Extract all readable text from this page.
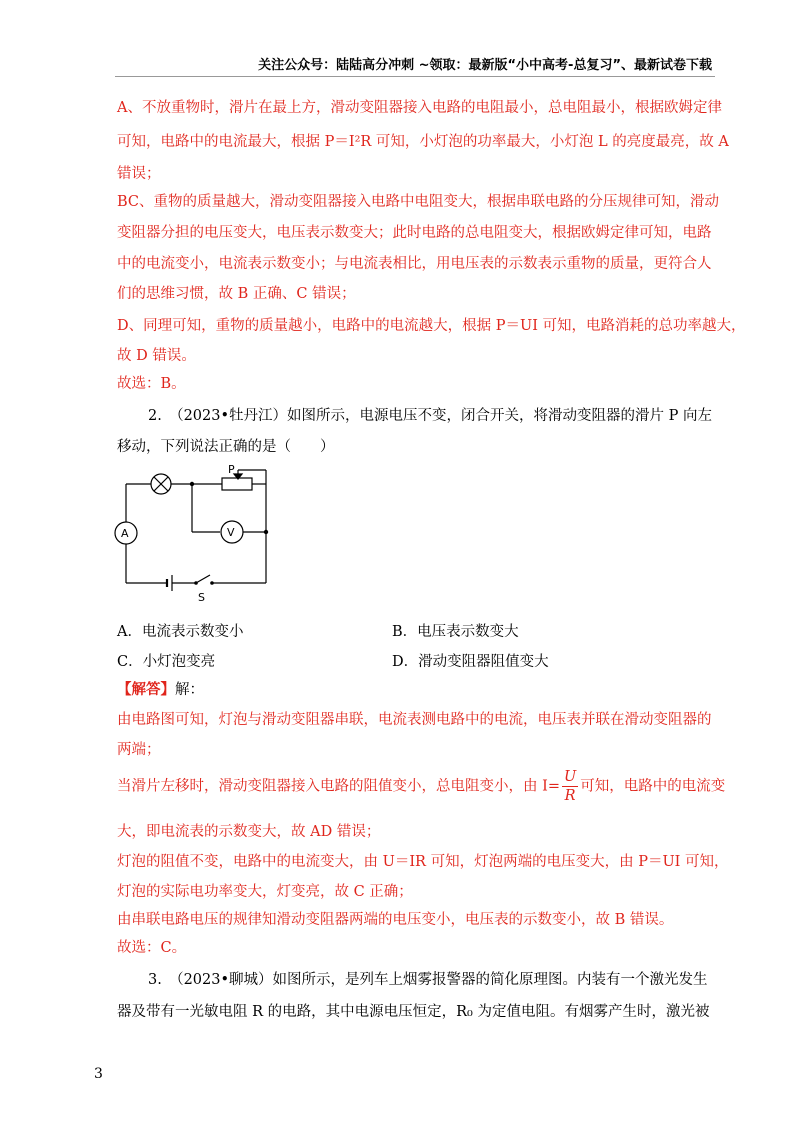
关注公众号：陆陆高分冲刺 ~领取：最新版“小中高考-总复习”、最新试卷下载
A、不放重物时，滑片在最上方，滑动变阻器接入电路的电阻最小，总电阻最小，根据欧姆定律
可知，电路中的电流最大，根据 P＝I²R 可知，小灯泡的功率最大，小灯泡 L 的亮度最亮，故 A
错误；
BC、重物的质量越大，滑动变阻器接入电路中电阻变大，根据串联电路的分压规律可知，滑动
变阻器分担的电压变大，电压表示数变大；此时电路的总电阻变大，根据欧姆定律可知，电路
中的电流变小，电流表示数变小；与电流表相比，用电压表的示数表示重物的质量，更符合人
们的思维习惯，故 B 正确、C 错误；
D、同理可知，重物的质量越小，电路中的电流越大，根据 P＝UI 可知，电路消耗的总功率越大，
故 D 错误。
故选：B。
2.　（2023•牡丹江）如图所示，电源电压不变，闭合开关，将滑动变阻器的滑片 P 向左
移动，下列说法正确的是（　　）
P
A	V
S
A．电流表示数变小	B．电压表示数变大
C．小灯泡变亮	D．滑动变阻器阻值变大
【解答】解：
由电路图可知，灯泡与滑动变阻器串联，电流表测电路中的电流，电压表并联在滑动变阻器的
两端；
当滑片左移时，滑动变阻器接入电路的阻值变小，总电阻变小，由 $I= \frac{U}{R}$ 可知，电路中的电流变
大，即电流表的示数变大，故 AD 错误；
灯泡的阻值不变，电路中的电流变大，由 U＝IR 可知，灯泡两端的电压变大，由 P＝UI 可知，
灯泡的实际电功率变大，灯变亮，故 C 正确；
由串联电路电压的规律知滑动变阻器两端的电压变小，电压表的示数变小，故 B 错误。
故选：C。
3.　（2023•聊城）如图所示，是列车上烟雾报警器的简化原理图。内装有一个激光发生
器及带有一光敏电阻 R 的电路，其中电源电压恒定，R₀ 为定值电阻。有烟雾产生时，激光被
3
